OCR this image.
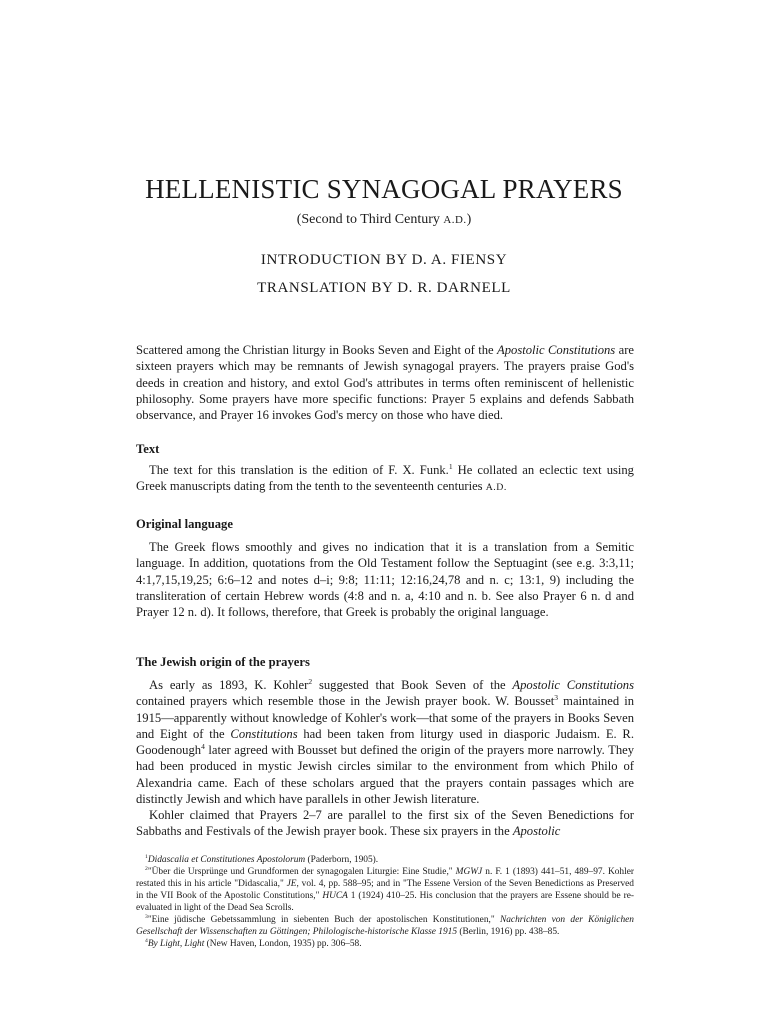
HELLENISTIC SYNAGOGAL PRAYERS

(Second to Third Century A.D.)

INTRODUCTION BY D. A. FIENSY

TRANSLATION BY D. R. DARNELL

Scattered among the Christian liturgy in Books Seven and Eight of the Apostolic Constitutions are sixteen prayers which may be remnants of Jewish synagogal prayers. The prayers praise God's deeds in creation and history, and extol God's attributes in terms often reminiscent of hellenistic philosophy. Some prayers have more specific functions: Prayer 5 explains and defends Sabbath observance, and Prayer 16 invokes God's mercy on those who have died.

Text

The text for this translation is the edition of F. X. Funk.$^1$ He collated an eclectic text using Greek manuscripts dating from the tenth to the seventeenth centuries A.D.

Original language

The Greek flows smoothly and gives no indication that it is a translation from a Semitic language. In addition, quotations from the Old Testament follow the Septuagint (see e.g. 3:3,11; 4:1,7,15,19,25; 6:6–12 and notes d–i; 9:8; 11:11; 12:16,24,78 and n. c; 13:1, 9) including the transliteration of certain Hebrew words (4:8 and n. a, 4:10 and n. b. See also Prayer 6 n. d and Prayer 12 n. d). It follows, therefore, that Greek is probably the original language.

The Jewish origin of the prayers

As early as 1893, K. Kohler$^2$ suggested that Book Seven of the Apostolic Constitutions contained prayers which resemble those in the Jewish prayer book. W. Bousset$^3$ maintained in 1915—apparently without knowledge of Kohler's work—that some of the prayers in Books Seven and Eight of the Constitutions had been taken from liturgy used in diasporic Judaism. E. R. Goodenough$^4$ later agreed with Bousset but defined the origin of the prayers more narrowly. They had been produced in mystic Jewish circles similar to the environment from which Philo of Alexandria came. Each of these scholars argued that the prayers contain passages which are distinctly Jewish and which have parallels in other Jewish literature.

Kohler claimed that Prayers 2–7 are parallel to the first six of the Seven Benedictions for Sabbaths and Festivals of the Jewish prayer book. These six prayers in the Apostolic

$^1$Didascalia et Constitutiones Apostolorum (Paderborn, 1905).

$^2$"Über die Ursprünge und Grundformen der synagogalen Liturgie: Eine Studie," MGWJ n. F. 1 (1893) 441–51, 489–97. Kohler restated this in his article "Didascalia," JE, vol. 4, pp. 588–95; and in "The Essene Version of the Seven Benedictions as Preserved in the VII Book of the Apostolic Constitutions," HUCA 1 (1924) 410–25. His conclusion that the prayers are Essene should be re-evaluated in light of the Dead Sea Scrolls.

$^3$"Eine jüdische Gebetssammlung in siebenten Buch der apostolischen Konstitutionen," Nachrichten von der Königlichen Gesellschaft der Wissenschaften zu Göttingen; Philologische-historische Klasse 1915 (Berlin, 1916) pp. 438–85.

$^4$By Light, Light (New Haven, London, 1935) pp. 306–58.
